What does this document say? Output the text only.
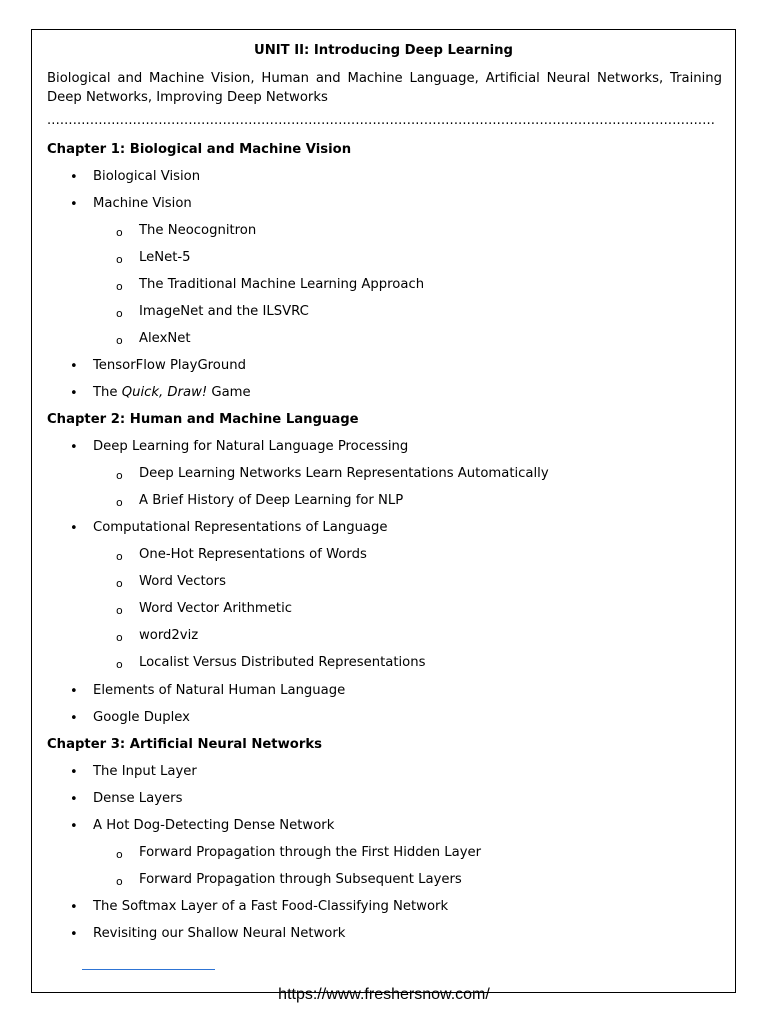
UNIT II: Introducing Deep Learning
Biological and Machine Vision, Human and Machine Language, Artificial Neural Networks, Training Deep Networks, Improving Deep Networks
............................................................................................................................................................
Chapter 1: Biological and Machine Vision
• Biological Vision
• Machine Vision
o The Neocognitron
o LeNet-5
o The Traditional Machine Learning Approach
o ImageNet and the ILSVRC
o AlexNet
• TensorFlow PlayGround
• The Quick, Draw! Game
Chapter 2: Human and Machine Language
• Deep Learning for Natural Language Processing
o Deep Learning Networks Learn Representations Automatically
o A Brief History of Deep Learning for NLP
• Computational Representations of Language
o One-Hot Representations of Words
o Word Vectors
o Word Vector Arithmetic
o word2viz
o Localist Versus Distributed Representations
• Elements of Natural Human Language
• Google Duplex
Chapter 3: Artificial Neural Networks
• The Input Layer
• Dense Layers
• A Hot Dog-Detecting Dense Network
o Forward Propagation through the First Hidden Layer
o Forward Propagation through Subsequent Layers
• The Softmax Layer of a Fast Food-Classifying Network
• Revisiting our Shallow Neural Network
https://www.freshersnow.com/
